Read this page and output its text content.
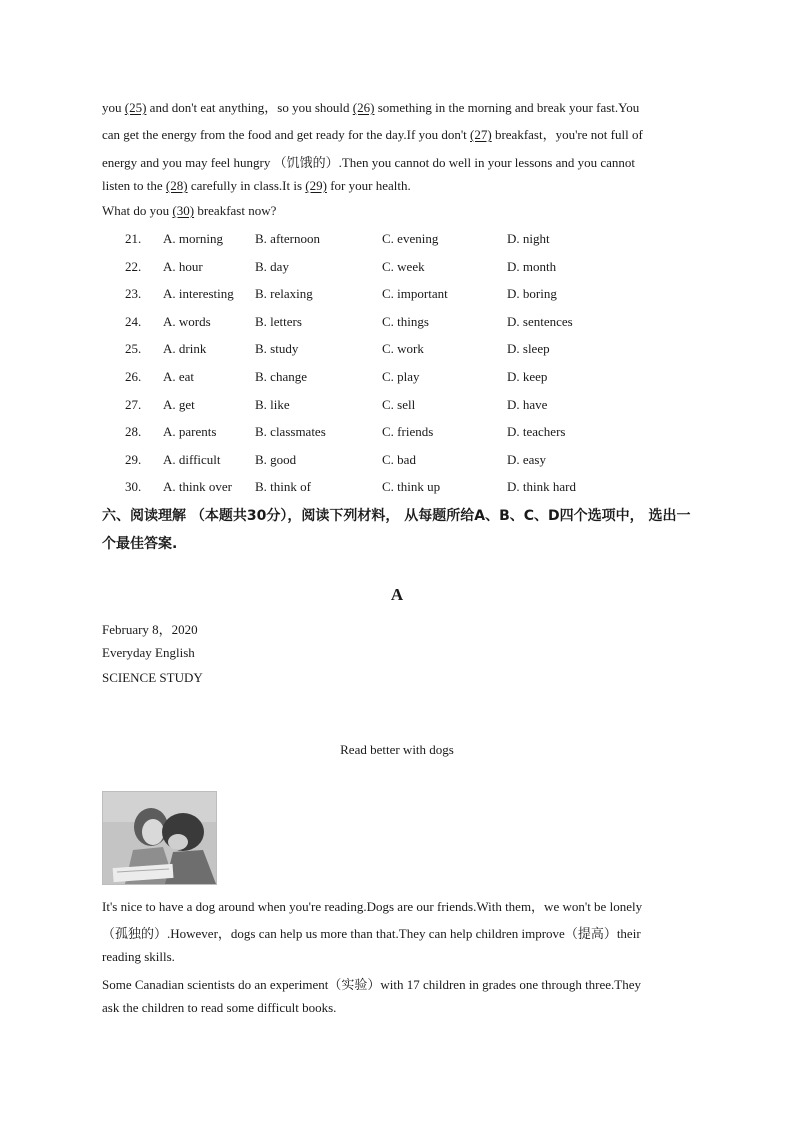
you (25) and don't eat anything，so you should (26) something in the morning and break your fast.You
can get the energy from the food and get ready for the day.If you don't (27) breakfast，you're not full of
energy and you may feel hungry （饥饿的）.Then you cannot do well in your lessons and you cannot
listen to the (28) carefully in class.It is (29) for your health.
What do you (30) breakfast now?
21. A. morning B. afternoon	C. evening	D. night
22. A. hour	B. day	C. week	D. month
23. A. interesting B. relaxing	C. important	D. boring
24. A. words	B. letters	C. things	D. sentences
25. A. drink	B. study	C. work	D. sleep
26. A. eat	B. change	C. play	D. keep
27. A. get	B. like	C. sell	D. have
28. A. parents	B. classmates	C. friends	D. teachers
29. A. difficult	B. good	C. bad	D. easy
30. A. think over B. think of	C. think up	D. think hard
六、阅读理解 （本题共30分），阅读下列材料， 从每题所给A、B、C、D四个选项中， 选出一个最佳答案.
A
February 8，2020
Everyday English
SCIENCE STUDY
Read better with dogs
It's nice to have a dog around when you're reading.Dogs are our friends.With them，we won't be lonely
（孤独的）.However，dogs can help us more than that.They can help children improve（提高）their
reading skills.
Some Canadian scientists do an experiment（实验）with 17 children in grades one through three.They
ask the children to read some difficult books.
